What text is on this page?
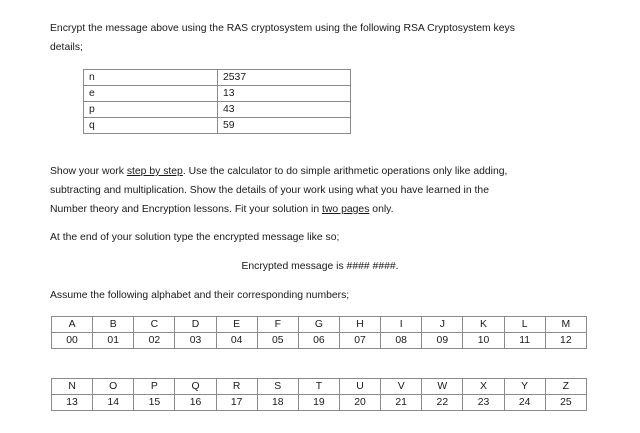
Encrypt the message above using the RAS cryptosystem using the following RSA Cryptosystem keys

details;

n	2537
e	13
p	43
q	59

Show your work step by step. Use the calculator to do simple arithmetic operations only like adding,

subtracting and multiplication. Show the details of your work using what you have learned in the

Number theory and Encryption lessons. Fit your solution in two pages only.

At the end of your solution type the encrypted message like so;

Encrypted message is #### ####.

Assume the following alphabet and their corresponding numbers;

A	B	C	D	E	F	G	H	I	J	K	L	M
00	01	02	03	04	05	06	07	08	09	10	11	12
N	O	P	Q	R	S	T	U	V	W	X	Y	Z
13	14	15	16	17	18	19	20	21	22	23	24	25
